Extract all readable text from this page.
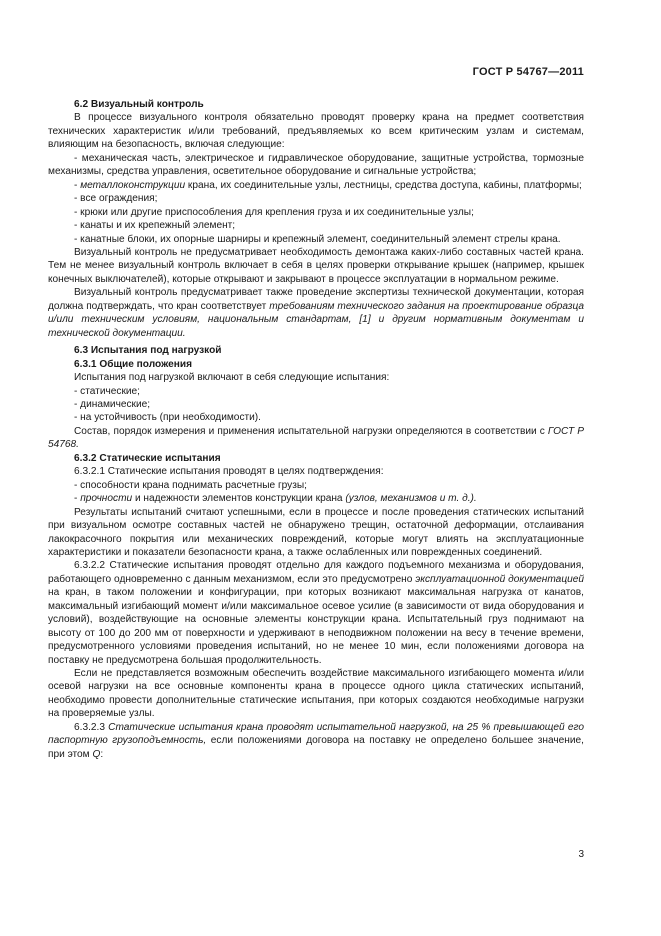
ГОСТ Р 54767—2011

6.2 Визуальный контроль

В процессе визуального контроля обязательно проводят проверку крана на предмет соответствия технических характеристик и/или требований, предъявляемых ко всем критическим узлам и системам, влияющим на безопасность, включая следующие:

- механическая часть, электрическое и гидравлическое оборудование, защитные устройства, тормозные механизмы, средства управления, осветительное оборудование и сигнальные устройства;

- металлоконструкции крана, их соединительные узлы, лестницы, средства доступа, кабины, платформы;

- все ограждения;

- крюки или другие приспособления для крепления груза и их соединительные узлы;

- канаты и их крепежный элемент;

- канатные блоки, их опорные шарниры и крепежный элемент, соединительный элемент стрелы крана.

Визуальный контроль не предусматривает необходимость демонтажа каких-либо составных частей крана. Тем не менее визуальный контроль включает в себя в целях проверки открывание крышек (например, крышек конечных выключателей), которые открывают и закрывают в процессе эксплуатации в нормальном режиме.

Визуальный контроль предусматривает также проведение экспертизы технической документации, которая должна подтверждать, что кран соответствует требованиям технического задания на проектирование образца и/или техническим условиям, национальным стандартам, [1] и другим нормативным документам и технической документации.

6.3 Испытания под нагрузкой

6.3.1 Общие положения

Испытания под нагрузкой включают в себя следующие испытания:

- статические;

- динамические;

- на устойчивость (при необходимости).

Состав, порядок измерения и применения испытательной нагрузки определяются в соответствии с ГОСТ Р 54768.

6.3.2 Статические испытания

6.3.2.1 Статические испытания проводят в целях подтверждения:

- способности крана поднимать расчетные грузы;

- прочности и надежности элементов конструкции крана (узлов, механизмов и т. д.).

Результаты испытаний считают успешными, если в процессе и после проведения статических испытаний при визуальном осмотре составных частей не обнаружено трещин, остаточной деформации, отслаивания лакокрасочного покрытия или механических повреждений, которые могут влиять на эксплуатационные характеристики и показатели безопасности крана, а также ослабленных или поврежденных соединений.

6.3.2.2 Статические испытания проводят отдельно для каждого подъемного механизма и оборудования, работающего одновременно с данным механизмом, если это предусмотрено эксплуатационной документацией на кран, в таком положении и конфигурации, при которых возникают максимальная нагрузка от канатов, максимальный изгибающий момент и/или максимальное осевое усилие (в зависимости от вида оборудования и условий), воздействующие на основные элементы конструкции крана. Испытательный груз поднимают на высоту от 100 до 200 мм от поверхности и удерживают в неподвижном положении на весу в течение времени, предусмотренного условиями проведения испытаний, но не менее 10 мин, если положениями договора на поставку не предусмотрена большая продолжительность.

Если не представляется возможным обеспечить воздействие максимального изгибающего момента и/или осевой нагрузки на все основные компоненты крана в процессе одного цикла статических испытаний, необходимо провести дополнительные статические испытания, при которых создаются необходимые нагрузки на проверяемые узлы.

6.3.2.3 Статические испытания крана проводят испытательной нагрузкой, на 25 % превышающей его паспортную грузоподъемность, если положениями договора на поставку не определено большее значение, при этом Q:

3
